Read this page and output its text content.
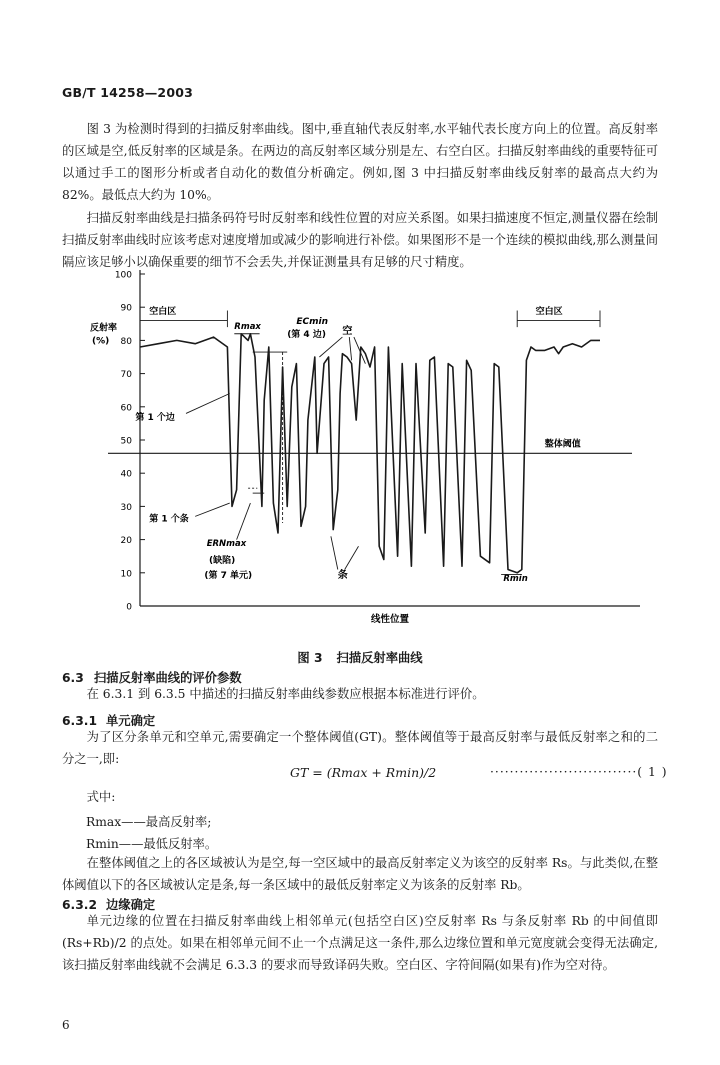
GB/T 14258—2003

图 3 为检测时得到的扫描反射率曲线。图中,垂直轴代表反射率,水平轴代表长度方向上的位置。高反射率的区域是空,低反射率的区域是条。在两边的高反射率区域分别是左、右空白区。扫描反射率曲线的重要特征可以通过手工的图形分析或者自动化的数值分析确定。例如,图 3 中扫描反射率曲线反射率的最高点大约为 82%。最低点大约为 10%。

扫描反射率曲线是扫描条码符号时反射率和线性位置的对应关系图。如果扫描速度不恒定,测量仪器在绘制扫描反射率曲线时应该考虑对速度增加或减少的影响进行补偿。如果图形不是一个连续的模拟曲线,那么测量间隔应该足够小以确保重要的细节不会丢失,并保证测量具有足够的尺寸精度。

0
10
20
30
40
50
60
70
80
90
100
线性位置
反射率
(%)
空白区	空白区
Rmax	ECmin
(第 4 边) 空
第 1 个边
整体阈值
第 1 个条
ERNmax
(缺陷)
(第 7 单元)	条	Rmin
图 3 扫描反射率曲线
6.3 扫描反射率曲线的评价参数

在 6.3.1 到 6.3.5 中描述的扫描反射率曲线参数应根据本标准进行评价。

6.3.1 单元确定

为了区分条单元和空单元,需要确定一个整体阈值(GT)。整体阈值等于最高反射率与最低反射率之和的二分之一,即:

GT = (Rmax + Rmin)/2	······························( 1 )

式中:

Rmax——最高反射率;
Rmin——最低反射率。

在整体阈值之上的各区域被认为是空,每一空区域中的最高反射率定义为该空的反射率 Rs。与此类似,在整体阈值以下的各区域被认定是条,每一条区域中的最低反射率定义为该条的反射率 Rb。

6.3.2 边缘确定

单元边缘的位置在扫描反射率曲线上相邻单元(包括空白区)空反射率 Rs 与条反射率 Rb 的中间值即(Rs+Rb)/2 的点处。如果在相邻单元间不止一个点满足这一条件,那么边缘位置和单元宽度就会变得无法确定,该扫描反射率曲线就不会满足 6.3.3 的要求而导致译码失败。空白区、字符间隔(如果有)作为空对待。

6
